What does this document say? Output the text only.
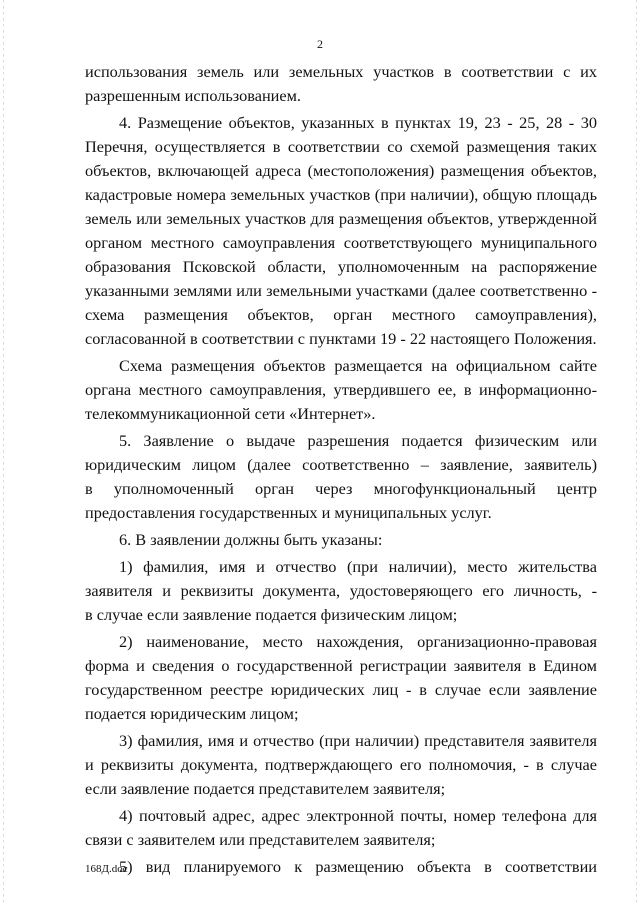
2
использования земель или земельных участков в соответствии с их
разрешенным использованием.
4. Размещение объектов, указанных в пунктах 19, 23 - 25, 28 - 30
Перечня, осуществляется в соответствии со схемой размещения таких
объектов, включающей адреса (местоположения) размещения объектов,
кадастровые номера земельных участков (при наличии), общую площадь
земель или земельных участков для размещения объектов, утвержденной
органом местного самоуправления соответствующего муниципального
образования Псковской области, уполномоченным на распоряжение
указанными землями или земельными участками (далее соответственно -
схема размещения объектов, орган местного самоуправления),
согласованной в соответствии с пунктами 19 - 22 настоящего Положения.
Схема размещения объектов размещается на официальном сайте
органа местного самоуправления, утвердившего ее, в информационно-
телекоммуникационной сети «Интернет».
5. Заявление о выдаче разрешения подается физическим или
юридическим лицом (далее соответственно – заявление, заявитель)
в уполномоченный орган через многофункциональный центр
предоставления государственных и муниципальных услуг.
6. В заявлении должны быть указаны:
1) фамилия, имя и отчество (при наличии), место жительства
заявителя и реквизиты документа, удостоверяющего его личность, -
в случае если заявление подается физическим лицом;
2) наименование, место нахождения, организационно-правовая
форма и сведения о государственной регистрации заявителя в Едином
государственном реестре юридических лиц - в случае если заявление
подается юридическим лицом;
3) фамилия, имя и отчество (при наличии) представителя заявителя
и реквизиты документа, подтверждающего его полномочия, - в случае
если заявление подается представителем заявителя;
4) почтовый адрес, адрес электронной почты, номер телефона для
связи с заявителем или представителем заявителя;
5) вид планируемого к размещению объекта в соответствии
168Д.doc
